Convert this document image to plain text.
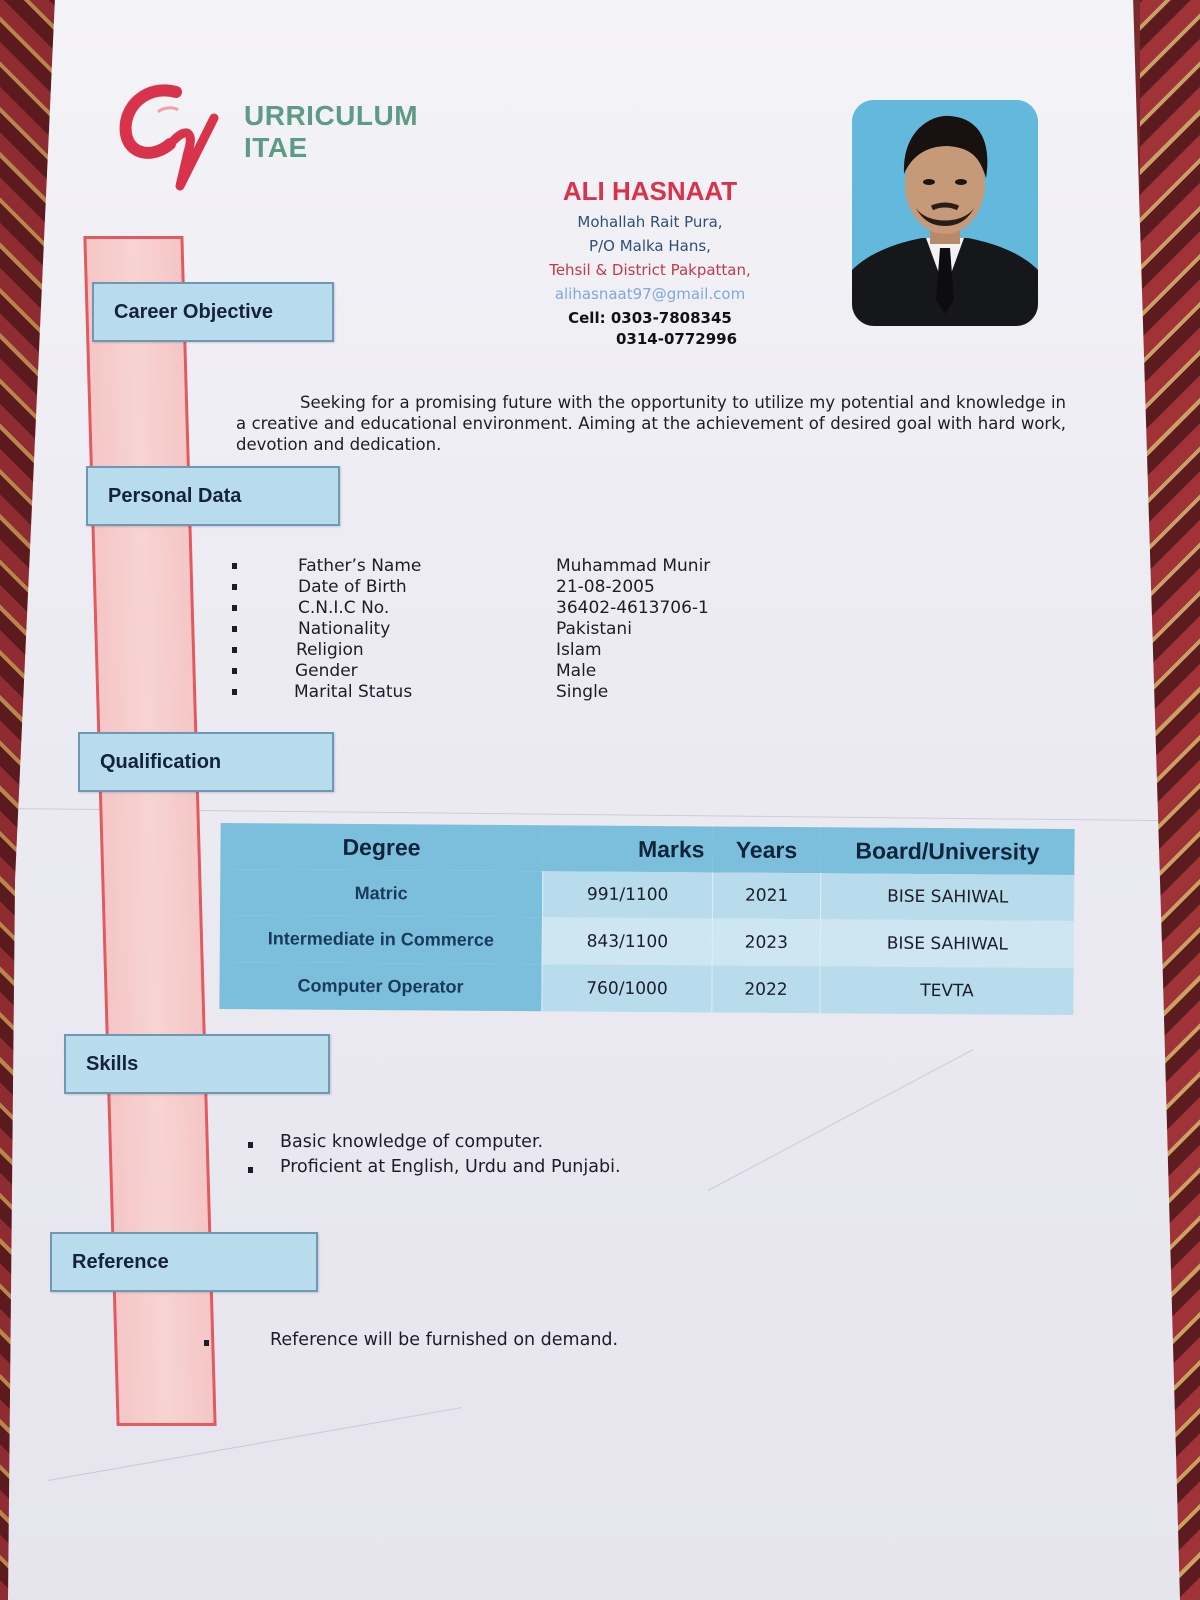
URRICULUM
ITAE
ALI HASNAAT
Mohallah Rait Pura,
P/O Malka Hans,
Tehsil & District Pakpattan,
alihasnaat97@gmail.com
Cell: 0303-7808345
0314-0772996
Career Objective
Seeking for a promising future with the opportunity to utilize my potential and knowledge in a creative and educational environment. Aiming at the achievement of desired goal with hard work, devotion and dedication.
Personal Data
Father’s Name	Muhammad Munir
Date of Birth	21-08-2005
C.N.I.C No.	36402-4613706-1
Nationality	Pakistani
Religion	Islam
Gender	Male
Marital Status	Single
Qualification
Degree	Marks	Years	Board/University
Matric	991/1100	2021	BISE SAHIWAL
Intermediate in Commerce	843/1100	2023	BISE SAHIWAL
Computer Operator	760/1000	2022	TEVTA
Skills
Basic knowledge of computer.
Proficient at English, Urdu and Punjabi.
Reference
Reference will be furnished on demand.
